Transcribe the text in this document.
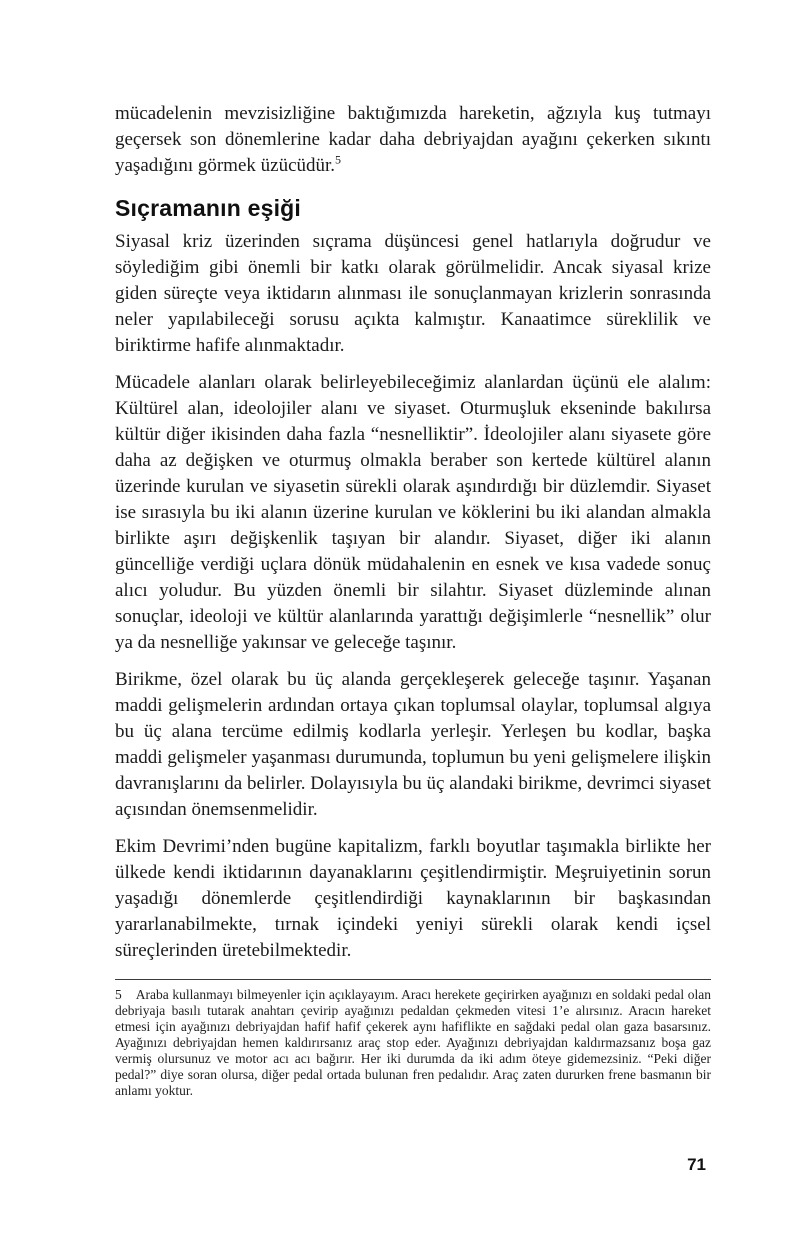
mücadelenin mevzisizliğine baktığımızda hareketin, ağzıyla kuş tutmayı geçersek son dönemlerine kadar daha debriyajdan ayağını çekerken sıkıntı yaşadığını görmek üzücüdür.$^5$

Sıçramanın eşiği

Siyasal kriz üzerinden sıçrama düşüncesi genel hatlarıyla doğrudur ve söylediğim gibi önemli bir katkı olarak görülmelidir. Ancak siyasal krize giden süreçte veya iktidarın alınması ile sonuçlanmayan krizlerin sonrasında neler yapılabileceği sorusu açıkta kalmıştır. Kanaatimce süreklilik ve biriktirme hafife alınmaktadır.

Mücadele alanları olarak belirleyebileceğimiz alanlardan üçünü ele alalım: Kültürel alan, ideolojiler alanı ve siyaset. Oturmuşluk ekseninde bakılırsa kültür diğer ikisinden daha fazla “nesnelliktir”. İdeolojiler alanı siyasete göre daha az değişken ve oturmuş olmakla beraber son kertede kültürel alanın üzerinde kurulan ve siyasetin sürekli olarak aşındırdığı bir düzlemdir. Siyaset ise sırasıyla bu iki alanın üzerine kurulan ve köklerini bu iki alandan almakla birlikte aşırı değişkenlik taşıyan bir alandır. Siyaset, diğer iki alanın güncelliğe verdiği uçlara dönük müdahalenin en esnek ve kısa vadede sonuç alıcı yoludur. Bu yüzden önemli bir silahtır. Siyaset düzleminde alınan sonuçlar, ideoloji ve kültür alanlarında yarattığı değişimlerle “nesnellik” olur ya da nesnelliğe yakınsar ve geleceğe taşınır.

Birikme, özel olarak bu üç alanda gerçekleşerek geleceğe taşınır. Yaşanan maddi gelişmelerin ardından ortaya çıkan toplumsal olaylar, toplumsal algıya bu üç alana tercüme edilmiş kodlarla yerleşir. Yerleşen bu kodlar, başka maddi gelişmeler yaşanması durumunda, toplumun bu yeni gelişmelere ilişkin davranışlarını da belirler. Dolayısıyla bu üç alandaki birikme, devrimci siyaset açısından önemsenmelidir.

Ekim Devrimi’nden bugüne kapitalizm, farklı boyutlar taşımakla birlikte her ülkede kendi iktidarının dayanaklarını çeşitlendirmiştir. Meşruiyetinin sorun yaşadığı dönemlerde çeşitlendirdiği kaynaklarının bir başkasından yararlanabilmekte, tırnak içindeki yeniyi sürekli olarak kendi içsel süreçlerinden üretebilmektedir.

5 Araba kullanmayı bilmeyenler için açıklayayım. Aracı herekete geçirirken ayağınızı en soldaki pedal olan debriyaja basılı tutarak anahtarı çevirip ayağınızı pedaldan çekmeden vitesi 1’e alırsınız. Aracın hareket etmesi için ayağınızı debriyajdan hafif hafif çekerek aynı hafiflikte en sağdaki pedal olan gaza basarsınız. Ayağınızı debriyajdan hemen kaldırırsanız araç stop eder. Ayağınızı debriyajdan kaldırmazsanız boşa gaz vermiş olursunuz ve motor acı acı bağırır. Her iki durumda da iki adım öteye gidemezsiniz. “Peki diğer pedal?” diye soran olursa, diğer pedal ortada bulunan fren pedalıdır. Araç zaten dururken frene basmanın bir anlamı yoktur.
71
